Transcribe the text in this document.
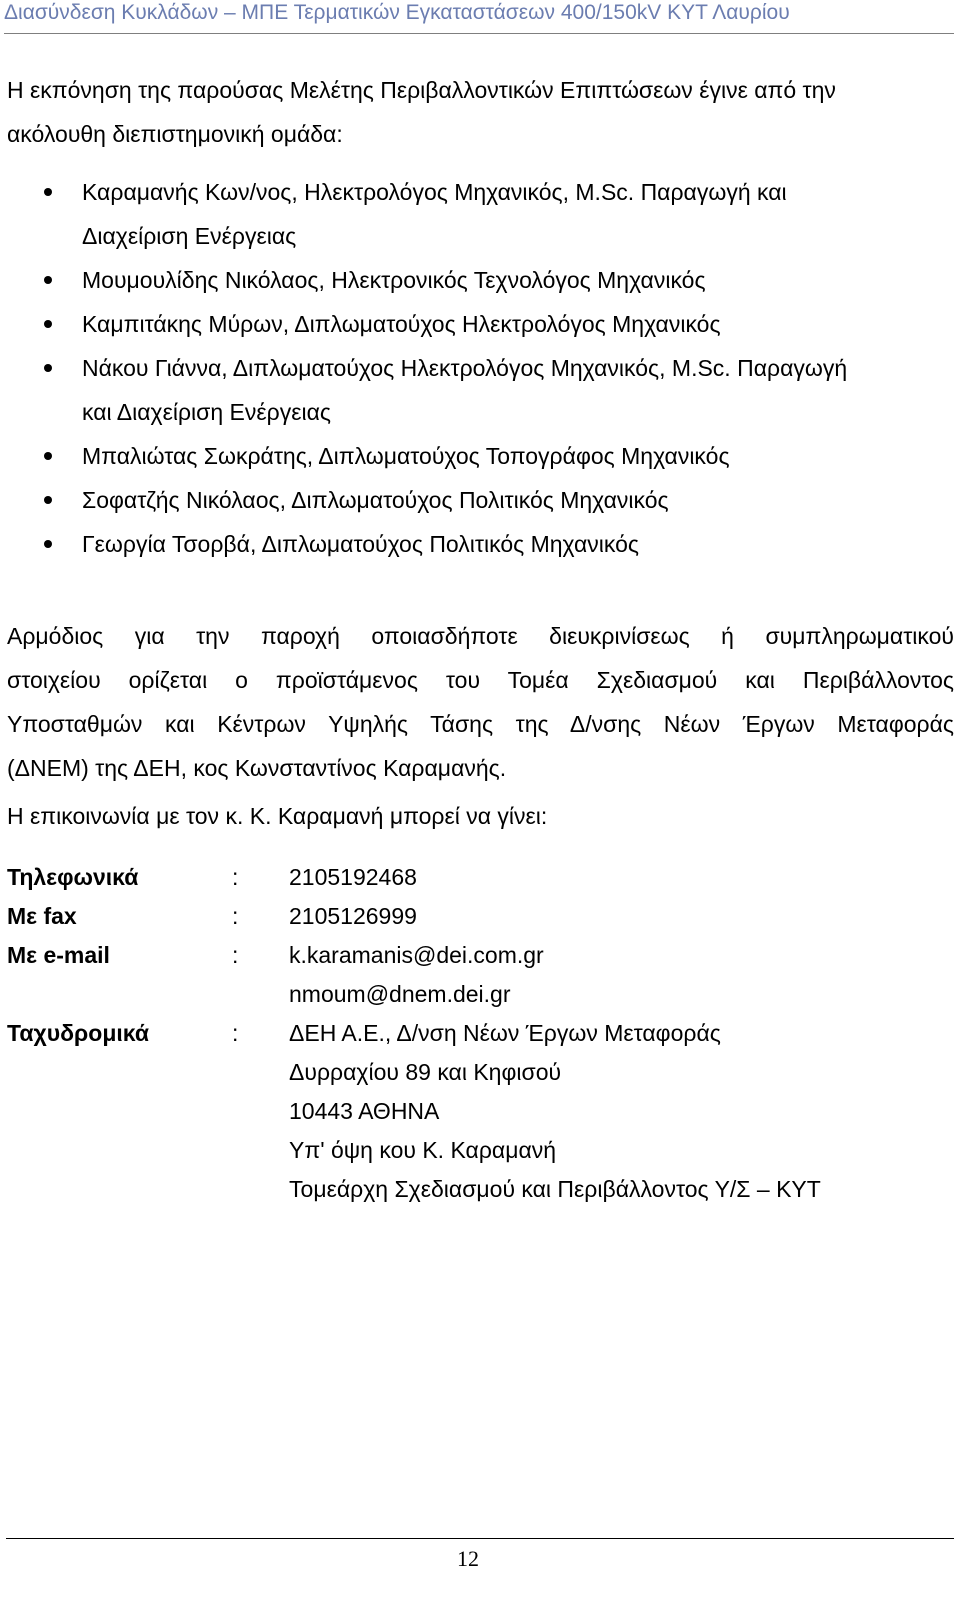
Διασύνδεση Κυκλάδων – ΜΠΕ Τερματικών Εγκαταστάσεων 400/150kV ΚΥΤ Λαυρίου
Η εκπόνηση της παρούσας Μελέτης Περιβαλλοντικών Επιπτώσεων έγινε από την
ακόλουθη διεπιστημονική ομάδα:
Καραμανής Κων/νος, Ηλεκτρολόγος Μηχανικός, M.Sc. Παραγωγή και
Διαχείριση Ενέργειας
Μουμουλίδης Νικόλαος, Ηλεκτρονικός Τεχνολόγος Μηχανικός
Καμπιτάκης Μύρων, Διπλωματούχος Ηλεκτρολόγος Μηχανικός
Νάκου Γιάννα, Διπλωματούχος Ηλεκτρολόγος Μηχανικός, M.Sc. Παραγωγή
και Διαχείριση Ενέργειας
Μπαλιώτας Σωκράτης, Διπλωματούχος Τοπογράφος Μηχανικός
Σοφατζής Νικόλαος, Διπλωματούχος Πολιτικός Μηχανικός
Γεωργία Τσορβά, Διπλωματούχος Πολιτικός Μηχανικός
Αρμόδιος για την παροχή οποιασδήποτε διευκρινίσεως ή συμπληρωματικού
στοιχείου ορίζεται ο προϊστάμενος του Τομέα Σχεδιασμού και Περιβάλλοντος
Υποσταθμών και Κέντρων Υψηλής Τάσης της Δ/νσης Νέων Έργων Μεταφοράς
(ΔΝΕΜ) της ΔΕΗ, κος Κωνσταντίνος Καραμανής.
Η επικοινωνία με τον κ. Κ. Καραμανή μπορεί να γίνει:
Τηλεφωνικά	: 2105192468
Με fax	: 2105126999
Με e-mail	: k.karamanis@dei.com.gr
nmoum@dnem.dei.gr
Ταχυδρομικά	: ΔΕΗ Α.Ε., Δ/νση Νέων Έργων Μεταφοράς
Δυρραχίου 89 και Κηφισού
10443 ΑΘΗΝΑ
Υπ' όψη κου Κ. Καραμανή
Τομεάρχη Σχεδιασμού και Περιβάλλοντος Υ/Σ – ΚΥΤ
12
